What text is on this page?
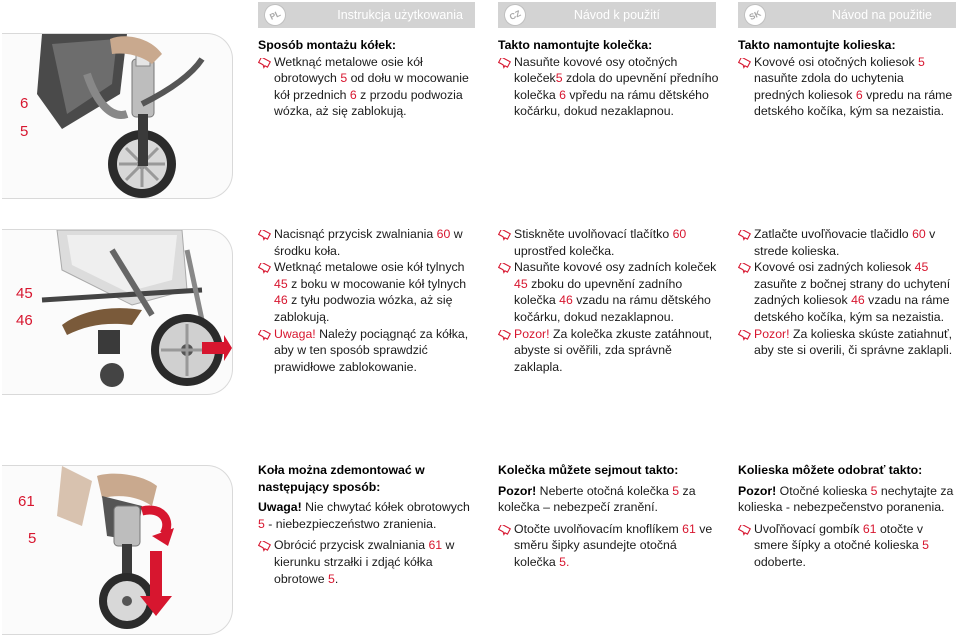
PL	Instrukcja użytkowania	CZ	Návod k použití	SK	Návod na použitie
6
5
45
46
61
5

Sposób montażu kółek:

Wetknąć metalowe osie kół obrotowych 5 od dołu w mocowanie kół przednich 6 z przodu podwozia wózka, aż się zablokują.

Takto namontujte kolečka:

Nasuňte kovové osy otočných koleček5 zdola do upevnění předního kolečka 6 vpředu na rámu dětského kočárku, dokud nezaklapnou.

Takto namontujte kolieska:

Kovové osi otočných koliesok 5 nasuňte zdola do uchytenia predných koliesok 6 vpredu na ráme detského kočíka, kým sa nezaistia.

Nacisnąć przycisk zwalniania 60 w środku koła.

Wetknąć metalowe osie kół tylnych 45 z boku w mocowanie kół tylnych 46 z tyłu podwozia wózka, aż się zablokują.

Uwaga! Należy pociągnąć za kółka, aby w ten sposób sprawdzić prawidłowe zablokowanie.

Stiskněte uvolňovací tlačítko 60 uprostřed kolečka.

Nasuňte kovové osy zadních koleček 45 zboku do upevnění zadního kolečka 46 vzadu na rámu dětského kočárku, dokud nezaklapnou.

Pozor! Za kolečka zkuste zatáhnout, abyste si ověřili, zda správně zaklapla.

Zatlačte uvoľňovacie tlačidlo 60 v strede kolieska.

Kovové osi zadných koliesok 45 zasuňte z bočnej strany do uchytení zadných koliesok 46 vzadu na ráme detského kočíka, kým sa nezaistia.

Pozor! Za kolieska skúste zatiahnuť, aby ste si overili, či správne zaklapli.

Koła można zdemontować w następujący sposób:

Uwaga! Nie chwytać kółek obrotowych 5 - niebezpieczeństwo zranienia.

Obrócić przycisk zwalniania 61 w kierunku strzałki i zdjąć kółka obrotowe 5.

Kolečka můžete sejmout takto:

Pozor! Neberte otočná kolečka 5 za kolečka – nebezpečí zranění.

Otočte uvolňovacím knoflíkem 61 ve směru šipky asundejte otočná kolečka 5.

Kolieska môžete odobrať takto:

Pozor! Otočné kolieska 5 nechytajte za kolieska - nebezpečenstvo poranenia.

Uvoľňovací gombík 61 otočte v smere šípky a otočné kolieska 5 odoberte.
